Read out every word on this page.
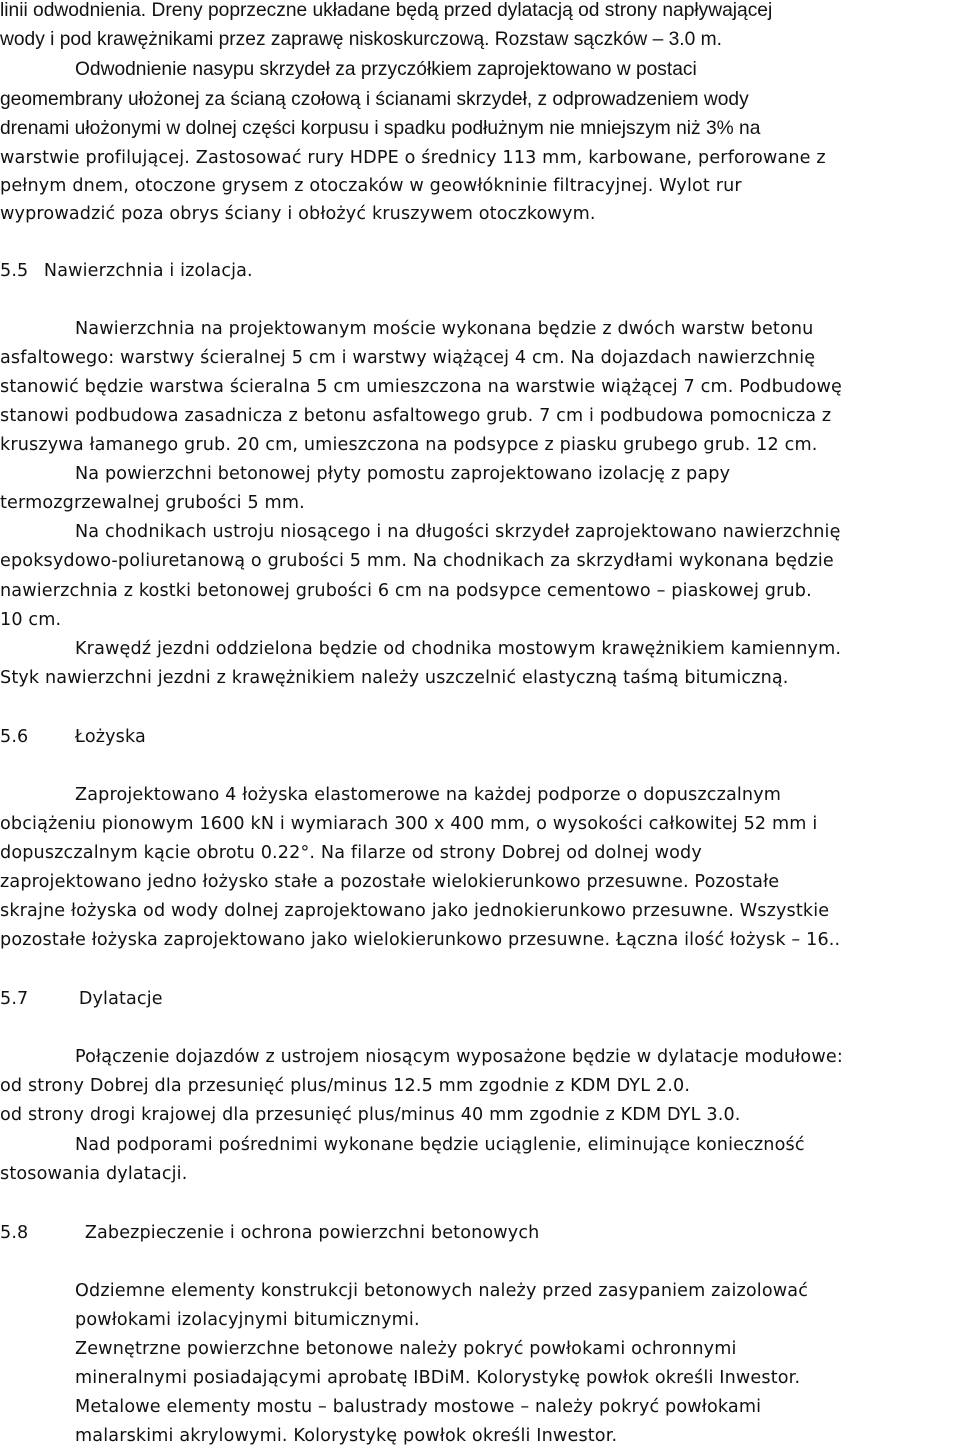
linii odwodnienia. Dreny poprzeczne układane będą przed dylatacją od strony napływającej
wody i pod krawężnikami przez zaprawę niskoskurczową. Rozstaw sączków – 3.0 m.
Odwodnienie nasypu skrzydeł za przyczółkiem zaprojektowano w postaci
geomembrany ułożonej za ścianą czołową i ścianami skrzydeł, z odprowadzeniem wody
drenami ułożonymi w dolnej części korpusu i spadku podłużnym nie mniejszym niż 3% na
warstwie profilującej. Zastosować rury HDPE o średnicy 113 mm, karbowane, perforowane z
pełnym dnem, otoczone grysem z otoczaków w geowłókninie filtracyjnej. Wylot rur
wyprowadzić poza obrys ściany i obłożyć kruszywem otoczkowym.
5.5 Nawierzchnia i izolacja.
Nawierzchnia na projektowanym moście wykonana będzie z dwóch warstw betonu
asfaltowego: warstwy ścieralnej 5 cm i warstwy wiążącej 4 cm. Na dojazdach nawierzchnię
stanowić będzie warstwa ścieralna 5 cm umieszczona na warstwie wiążącej 7 cm. Podbudowę
stanowi podbudowa zasadnicza z betonu asfaltowego grub. 7 cm i podbudowa pomocnicza z
kruszywa łamanego grub. 20 cm, umieszczona na podsypce z piasku grubego grub. 12 cm.
Na powierzchni betonowej płyty pomostu zaprojektowano izolację z papy
termozgrzewalnej grubości 5 mm.
Na chodnikach ustroju niosącego i na długości skrzydeł zaprojektowano nawierzchnię
epoksydowo-poliuretanową o grubości 5 mm. Na chodnikach za skrzydłami wykonana będzie
nawierzchnia z kostki betonowej grubości 6 cm na podsypce cementowo – piaskowej grub.
10 cm.
Krawędź jezdni oddzielona będzie od chodnika mostowym krawężnikiem kamiennym.
Styk nawierzchni jezdni z krawężnikiem należy uszczelnić elastyczną taśmą bitumiczną.
5.6	Łożyska
Zaprojektowano 4 łożyska elastomerowe na każdej podporze o dopuszczalnym
obciążeniu pionowym 1600 kN i wymiarach 300 x 400 mm, o wysokości całkowitej 52 mm i
dopuszczalnym kącie obrotu 0.22°. Na filarze od strony Dobrej od dolnej wody
zaprojektowano jedno łożysko stałe a pozostałe wielokierunkowo przesuwne. Pozostałe
skrajne łożyska od wody dolnej zaprojektowano jako jednokierunkowo przesuwne. Wszystkie
pozostałe łożyska zaprojektowano jako wielokierunkowo przesuwne. Łączna ilość łożysk – 16..
5.7	Dylatacje
Połączenie dojazdów z ustrojem niosącym wyposażone będzie w dylatacje modułowe:
od strony Dobrej dla przesunięć plus/minus 12.5 mm zgodnie z KDM DYL 2.0.
od strony drogi krajowej dla przesunięć plus/minus 40 mm zgodnie z KDM DYL 3.0.
Nad podporami pośrednimi wykonane będzie uciąglenie, eliminujące konieczność
stosowania dylatacji.
5.8	Zabezpieczenie i ochrona powierzchni betonowych
Odziemne elementy konstrukcji betonowych należy przed zasypaniem zaizolować
powłokami izolacyjnymi bitumicznymi.
Zewnętrzne powierzchne betonowe należy pokryć powłokami ochronnymi
mineralnymi posiadającymi aprobatę IBDiM. Kolorystykę powłok określi Inwestor.
Metalowe elementy mostu – balustrady mostowe – należy pokryć powłokami
malarskimi akrylowymi. Kolorystykę powłok określi Inwestor.
